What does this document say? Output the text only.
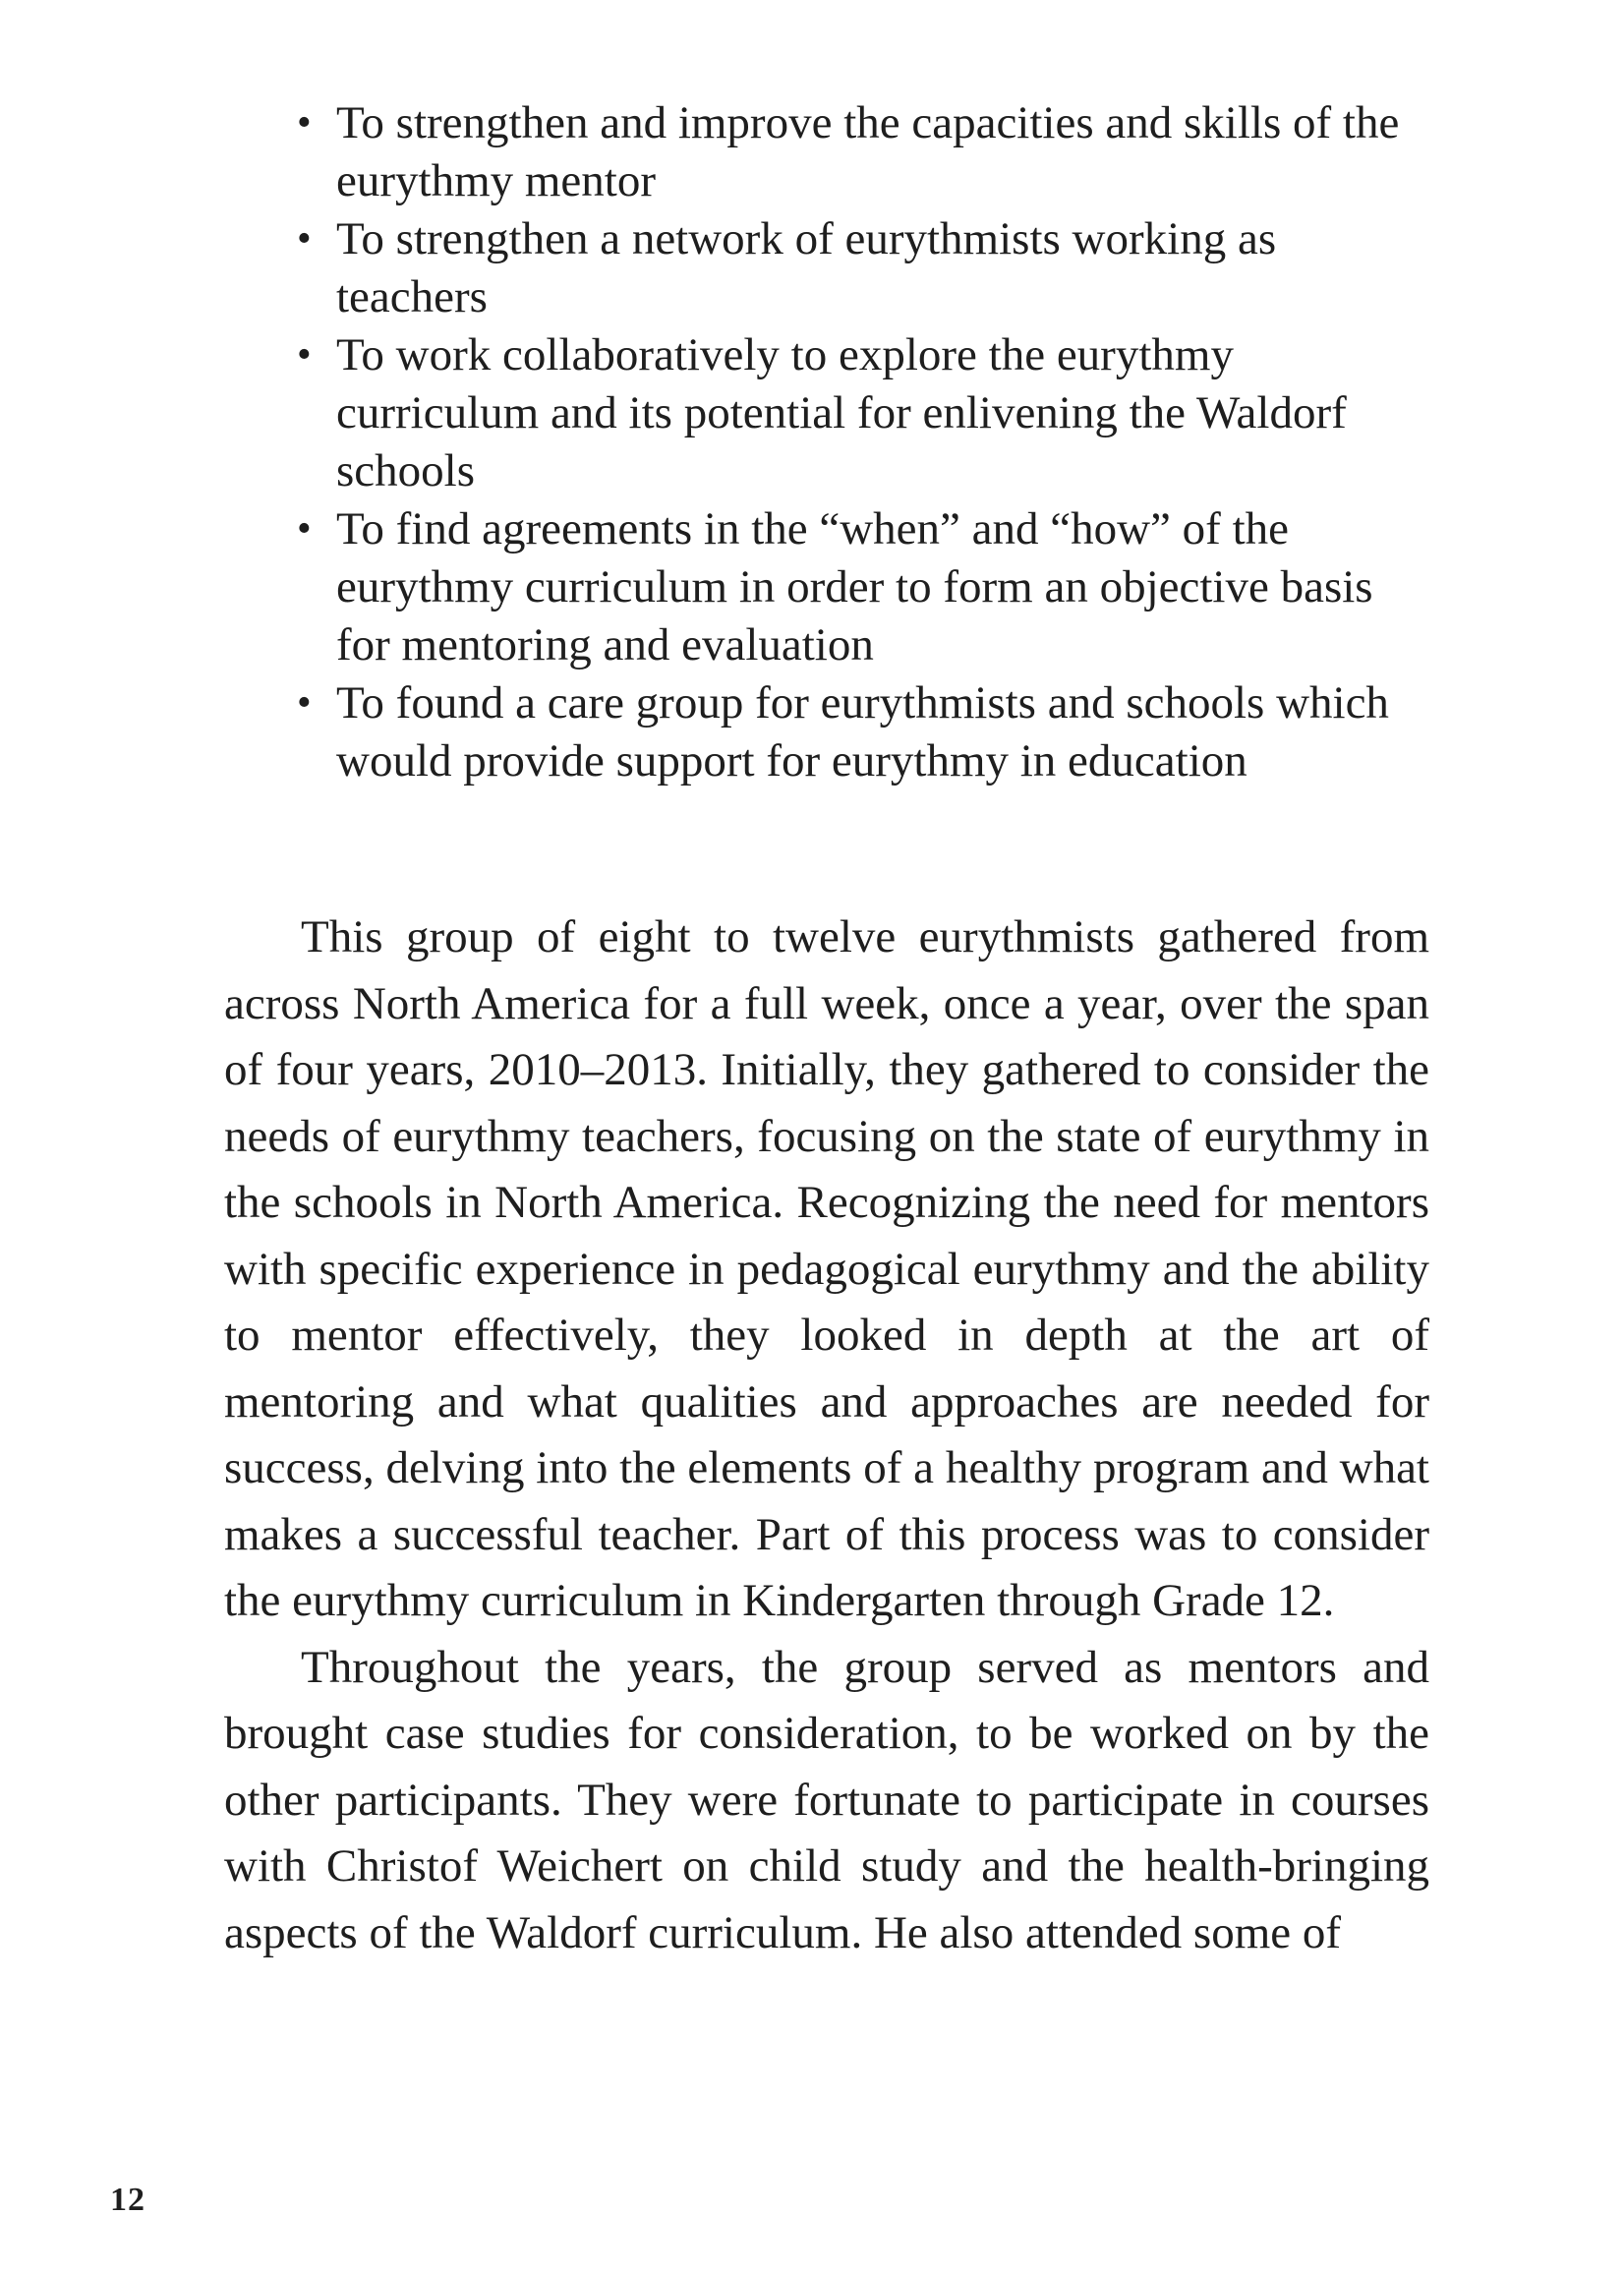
• To strengthen and improve the capacities and skills of the eurythmy mentor
• To strengthen a network of eurythmists working as teachers
• To work collaboratively to explore the eurythmy curriculum and its potential for enlivening the Waldorf schools
• To find agreements in the “when” and “how” of the eurythmy curriculum in order to form an objective basis for mentoring and evaluation
• To found a care group for eurythmists and schools which would provide support for eurythmy in education

This group of eight to twelve eurythmists gathered from across North America for a full week, once a year, over the span of four years, 2010–2013. Initially, they gathered to consider the needs of eurythmy teachers, focusing on the state of eurythmy in the schools in North America. Recognizing the need for mentors with specific experience in pedagogical eurythmy and the ability to mentor effectively, they looked in depth at the art of mentoring and what qualities and approaches are needed for success, delving into the elements of a healthy program and what makes a successful teacher. Part of this process was to consider the eurythmy curriculum in Kindergarten through Grade 12.

Throughout the years, the group served as mentors and brought case studies for consideration, to be worked on by the other participants. They were fortunate to participate in courses with Christof Weichert on child study and the health-bringing aspects of the Waldorf curriculum. He also attended some of

12
